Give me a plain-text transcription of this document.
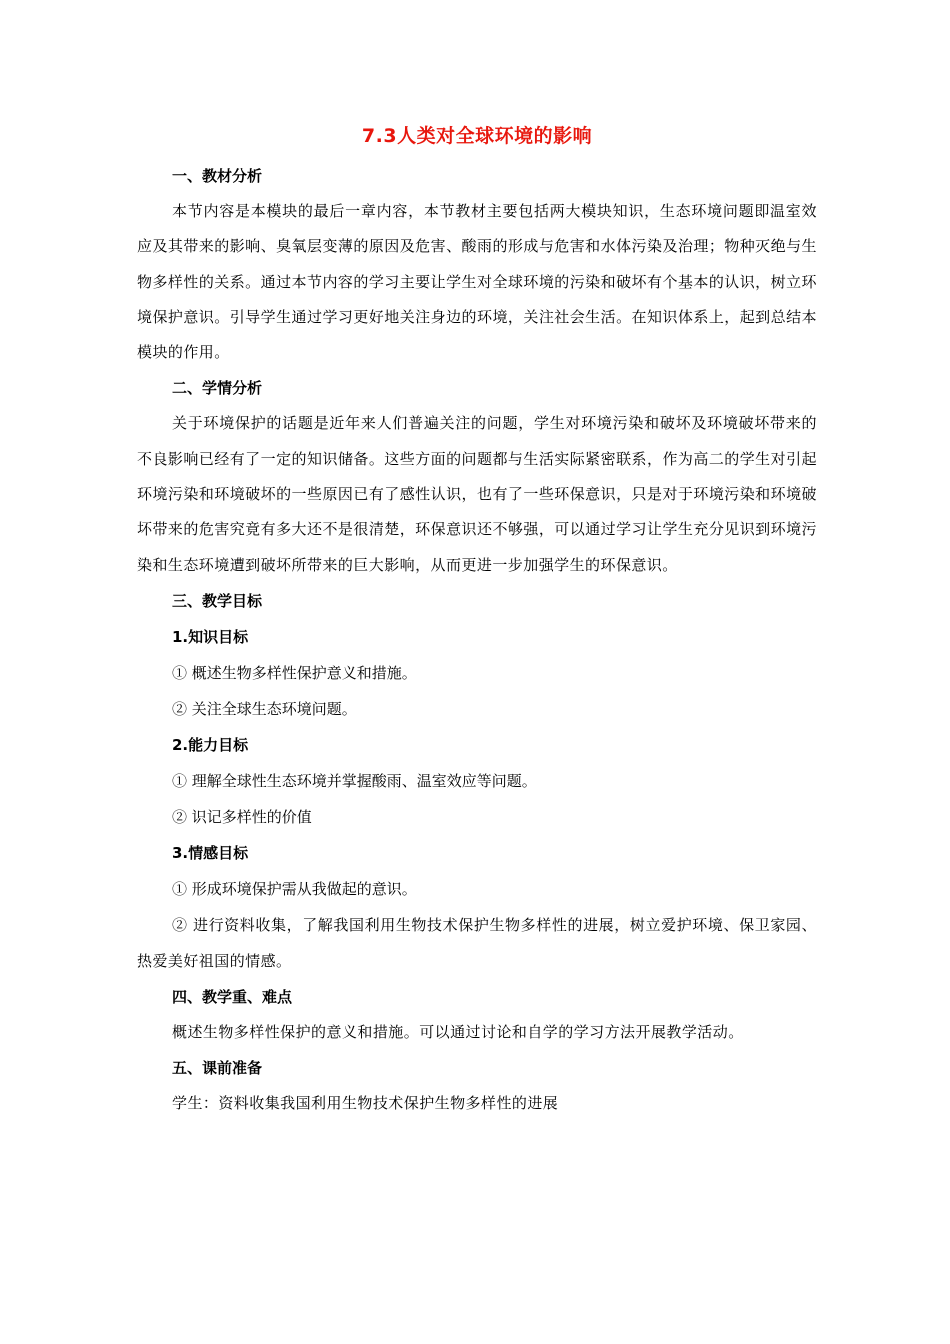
7.3人类对全球环境的影响

一、教材分析

本节内容是本模块的最后一章内容，本节教材主要包括两大模块知识，生态环境问题即温室效应及其带来的影响、臭氧层变薄的原因及危害、酸雨的形成与危害和水体污染及治理；物种灭绝与生物多样性的关系。通过本节内容的学习主要让学生对全球环境的污染和破坏有个基本的认识，树立环境保护意识。引导学生通过学习更好地关注身边的环境，关注社会生活。在知识体系上，起到总结本模块的作用。

二、学情分析

关于环境保护的话题是近年来人们普遍关注的问题，学生对环境污染和破坏及环境破坏带来的不良影响已经有了一定的知识储备。这些方面的问题都与生活实际紧密联系，作为高二的学生对引起环境污染和环境破坏的一些原因已有了感性认识，也有了一些环保意识，只是对于环境污染和环境破坏带来的危害究竟有多大还不是很清楚，环保意识还不够强，可以通过学习让学生充分见识到环境污染和生态环境遭到破坏所带来的巨大影响，从而更进一步加强学生的环保意识。

三、教学目标

1.知识目标

① 概述生物多样性保护意义和措施。

② 关注全球生态环境问题。

2.能力目标

① 理解全球性生态环境并掌握酸雨、温室效应等问题。

② 识记多样性的价值

3.情感目标

① 形成环境保护需从我做起的意识。

② 进行资料收集，了解我国利用生物技术保护生物多样性的进展，树立爱护环境、保卫家园、热爱美好祖国的情感。

四、教学重、难点

概述生物多样性保护的意义和措施。可以通过讨论和自学的学习方法开展教学活动。

五、课前准备

学生：资料收集我国利用生物技术保护生物多样性的进展
